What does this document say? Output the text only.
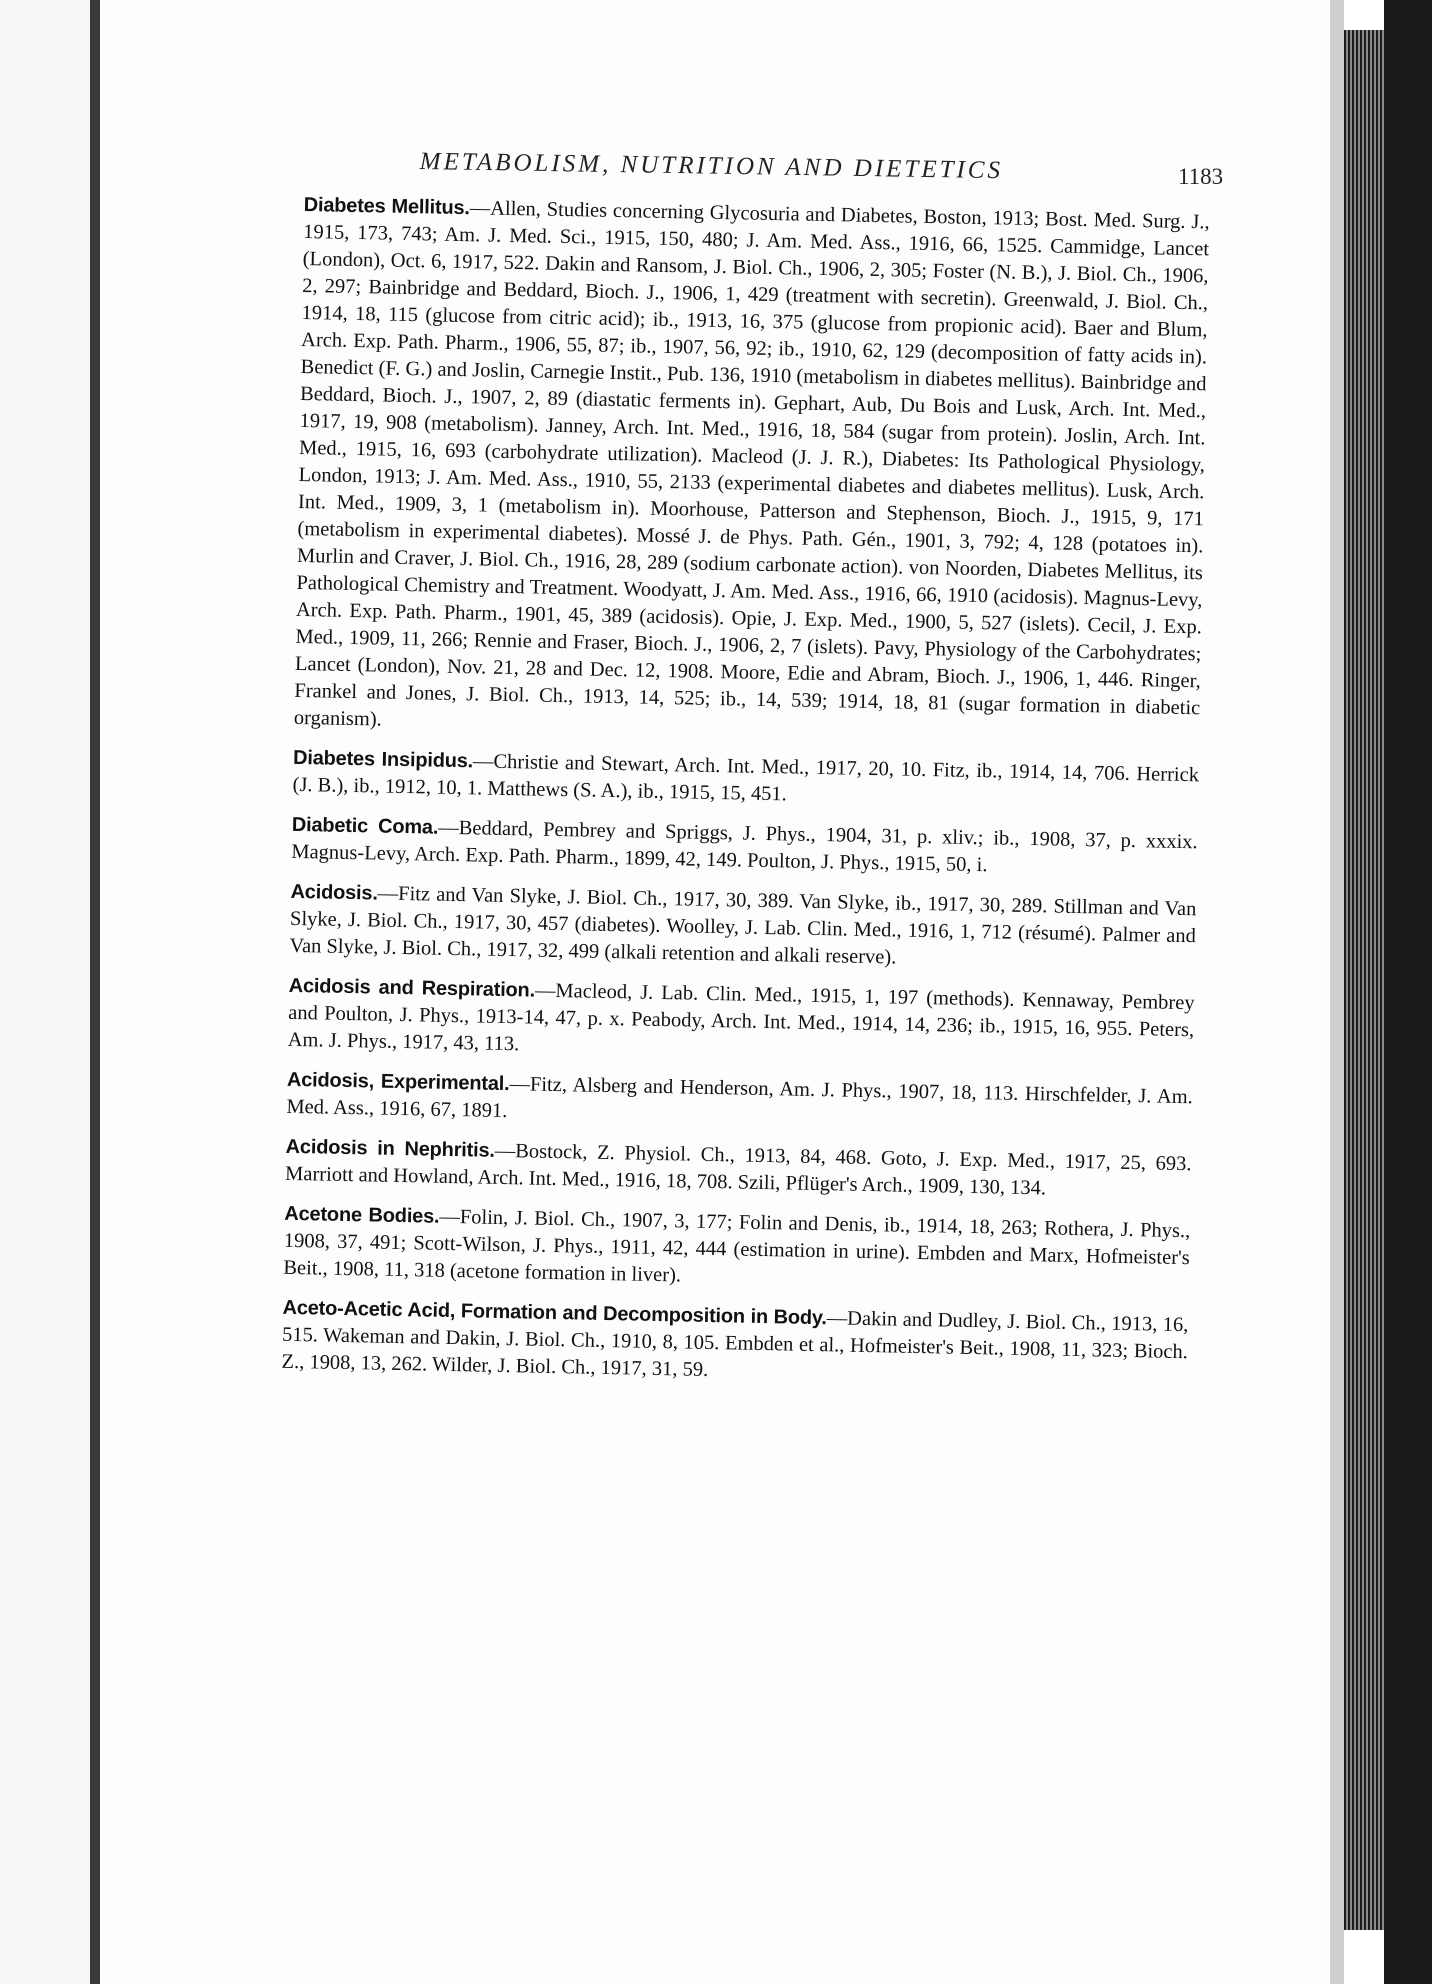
METABOLISM, NUTRITION AND DIETETICS	1183
Diabetes Mellitus.—Allen, Studies concerning Glycosuria and Diabetes, Boston, 1913; Bost. Med. Surg. J., 1915, 173, 743; Am. J. Med. Sci., 1915, 150, 480; J. Am. Med. Ass., 1916, 66, 1525. Cammidge, Lancet (London), Oct. 6, 1917, 522. Dakin and Ransom, J. Biol. Ch., 1906, 2, 305; Foster (N. B.), J. Biol. Ch., 1906, 2, 297; Bainbridge and Beddard, Bioch. J., 1906, 1, 429 (treatment with secretin). Greenwald, J. Biol. Ch., 1914, 18, 115 (glucose from citric acid); ib., 1913, 16, 375 (glucose from propionic acid). Baer and Blum, Arch. Exp. Path. Pharm., 1906, 55, 87; ib., 1907, 56, 92; ib., 1910, 62, 129 (decomposition of fatty acids in). Benedict (F. G.) and Joslin, Carnegie Instit., Pub. 136, 1910 (metabolism in diabetes mellitus). Bainbridge and Beddard, Bioch. J., 1907, 2, 89 (diastatic ferments in). Gephart, Aub, Du Bois and Lusk, Arch. Int. Med., 1917, 19, 908 (metabolism). Janney, Arch. Int. Med., 1916, 18, 584 (sugar from protein). Joslin, Arch. Int. Med., 1915, 16, 693 (carbohydrate utilization). Macleod (J. J. R.), Diabetes: Its Pathological Physiology, London, 1913; J. Am. Med. Ass., 1910, 55, 2133 (experimental diabetes and diabetes mellitus). Lusk, Arch. Int. Med., 1909, 3, 1 (metabolism in). Moorhouse, Patterson and Stephenson, Bioch. J., 1915, 9, 171 (metabolism in experimental diabetes). Mossé J. de Phys. Path. Gén., 1901, 3, 792; 4, 128 (potatoes in). Murlin and Craver, J. Biol. Ch., 1916, 28, 289 (sodium carbonate action). von Noorden, Diabetes Mellitus, its Pathological Chemistry and Treatment. Woodyatt, J. Am. Med. Ass., 1916, 66, 1910 (acidosis). Magnus-Levy, Arch. Exp. Path. Pharm., 1901, 45, 389 (acidosis). Opie, J. Exp. Med., 1900, 5, 527 (islets). Cecil, J. Exp. Med., 1909, 11, 266; Rennie and Fraser, Bioch. J., 1906, 2, 7 (islets). Pavy, Physiology of the Carbohydrates; Lancet (London), Nov. 21, 28 and Dec. 12, 1908. Moore, Edie and Abram, Bioch. J., 1906, 1, 446. Ringer, Frankel and Jones, J. Biol. Ch., 1913, 14, 525; ib., 14, 539; 1914, 18, 81 (sugar formation in diabetic organism).
Diabetes Insipidus.—Christie and Stewart, Arch. Int. Med., 1917, 20, 10. Fitz, ib., 1914, 14, 706. Herrick (J. B.), ib., 1912, 10, 1. Matthews (S. A.), ib., 1915, 15, 451.
Diabetic Coma.—Beddard, Pembrey and Spriggs, J. Phys., 1904, 31, p. xliv.; ib., 1908, 37, p. xxxix. Magnus-Levy, Arch. Exp. Path. Pharm., 1899, 42, 149. Poulton, J. Phys., 1915, 50, i.
Acidosis.—Fitz and Van Slyke, J. Biol. Ch., 1917, 30, 389. Van Slyke, ib., 1917, 30, 289. Stillman and Van Slyke, J. Biol. Ch., 1917, 30, 457 (diabetes). Woolley, J. Lab. Clin. Med., 1916, 1, 712 (résumé). Palmer and Van Slyke, J. Biol. Ch., 1917, 32, 499 (alkali retention and alkali reserve).
Acidosis and Respiration.—Macleod, J. Lab. Clin. Med., 1915, 1, 197 (methods). Kennaway, Pembrey and Poulton, J. Phys., 1913-14, 47, p. x. Peabody, Arch. Int. Med., 1914, 14, 236; ib., 1915, 16, 955. Peters, Am. J. Phys., 1917, 43, 113.
Acidosis, Experimental.—Fitz, Alsberg and Henderson, Am. J. Phys., 1907, 18, 113. Hirschfelder, J. Am. Med. Ass., 1916, 67, 1891.
Acidosis in Nephritis.—Bostock, Z. Physiol. Ch., 1913, 84, 468. Goto, J. Exp. Med., 1917, 25, 693. Marriott and Howland, Arch. Int. Med., 1916, 18, 708. Szili, Pflüger's Arch., 1909, 130, 134.
Acetone Bodies.—Folin, J. Biol. Ch., 1907, 3, 177; Folin and Denis, ib., 1914, 18, 263; Rothera, J. Phys., 1908, 37, 491; Scott-Wilson, J. Phys., 1911, 42, 444 (estimation in urine). Embden and Marx, Hofmeister's Beit., 1908, 11, 318 (acetone formation in liver).
Aceto-Acetic Acid, Formation and Decomposition in Body.—Dakin and Dudley, J. Biol. Ch., 1913, 16, 515. Wakeman and Dakin, J. Biol. Ch., 1910, 8, 105. Embden et al., Hofmeister's Beit., 1908, 11, 323; Bioch. Z., 1908, 13, 262. Wilder, J. Biol. Ch., 1917, 31, 59.
